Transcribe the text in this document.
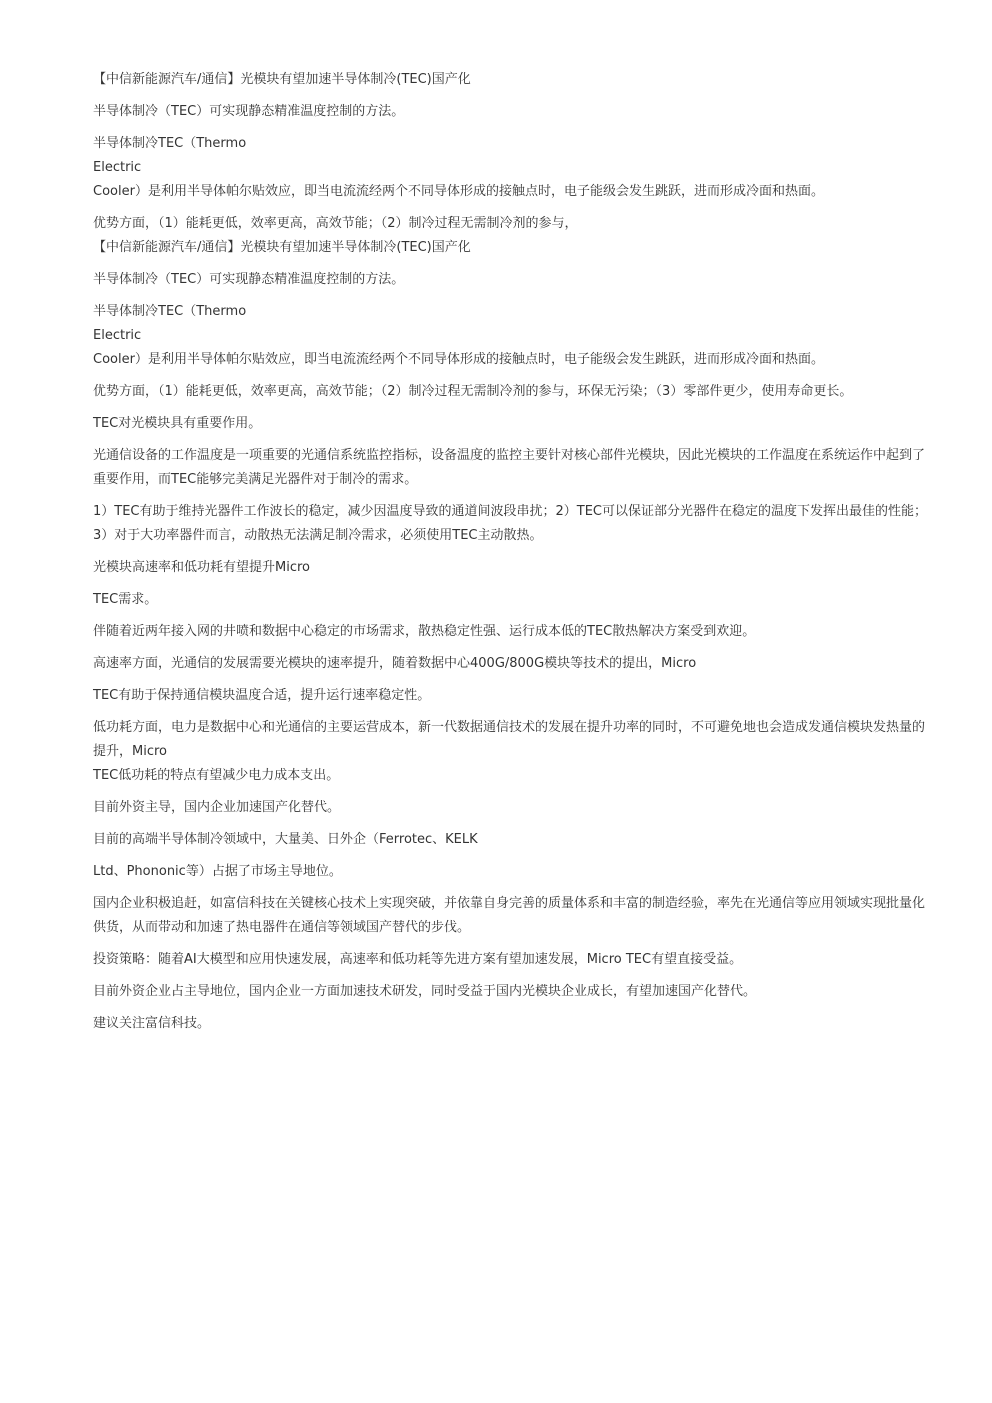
【中信新能源汽车/通信】光模块有望加速半导体制冷(TEC)国产化
半导体制冷（TEC）可实现静态精准温度控制的方法。
半导体制冷TEC（Thermo
Electric
Cooler）是利用半导体帕尔贴效应，即当电流流经两个不同导体形成的接触点时，电子能级会发生跳跃，进而形成冷面和热面。
优势方面，（1）能耗更低，效率更高，高效节能；（2）制冷过程无需制冷剂的参与，
【中信新能源汽车/通信】光模块有望加速半导体制冷(TEC)国产化
半导体制冷（TEC）可实现静态精准温度控制的方法。
半导体制冷TEC（Thermo
Electric
Cooler）是利用半导体帕尔贴效应，即当电流流经两个不同导体形成的接触点时，电子能级会发生跳跃，进而形成冷面和热面。
优势方面，（1）能耗更低，效率更高，高效节能；（2）制冷过程无需制冷剂的参与，环保无污染；（3）零部件更少，使用寿命更长。
TEC对光模块具有重要作用。
光通信设备的工作温度是一项重要的光通信系统监控指标，设备温度的监控主要针对核心部件光模块，因此光模块的工作温度在系统运作中起到了
重要作用，而TEC能够完美满足光器件对于制冷的需求。
1）TEC有助于维持光器件工作波长的稳定，减少因温度导致的通道间波段串扰；2）TEC可以保证部分光器件在稳定的温度下发挥出最佳的性能；
3）对于大功率器件而言，动散热无法满足制冷需求，必须使用TEC主动散热。
光模块高速率和低功耗有望提升Micro
TEC需求。
伴随着近两年接入网的井喷和数据中心稳定的市场需求，散热稳定性强、运行成本低的TEC散热解决方案受到欢迎。
高速率方面，光通信的发展需要光模块的速率提升，随着数据中心400G/800G模块等技术的提出，Micro
TEC有助于保持通信模块温度合适，提升运行速率稳定性。
低功耗方面，电力是数据中心和光通信的主要运营成本，新一代数据通信技术的发展在提升功率的同时，不可避免地也会造成发通信模块发热量的
提升，Micro
TEC低功耗的特点有望减少电力成本支出。
目前外资主导，国内企业加速国产化替代。
目前的高端半导体制冷领域中，大量美、日外企（Ferrotec、KELK
Ltd、Phononic等）占据了市场主导地位。
国内企业积极追赶，如富信科技在关键核心技术上实现突破，并依靠自身完善的质量体系和丰富的制造经验，率先在光通信等应用领域实现批量化
供货，从而带动和加速了热电器件在通信等领域国产替代的步伐。
投资策略：随着AI大模型和应用快速发展，高速率和低功耗等先进方案有望加速发展，Micro TEC有望直接受益。
目前外资企业占主导地位，国内企业一方面加速技术研发，同时受益于国内光模块企业成长，有望加速国产化替代。
建议关注富信科技。
